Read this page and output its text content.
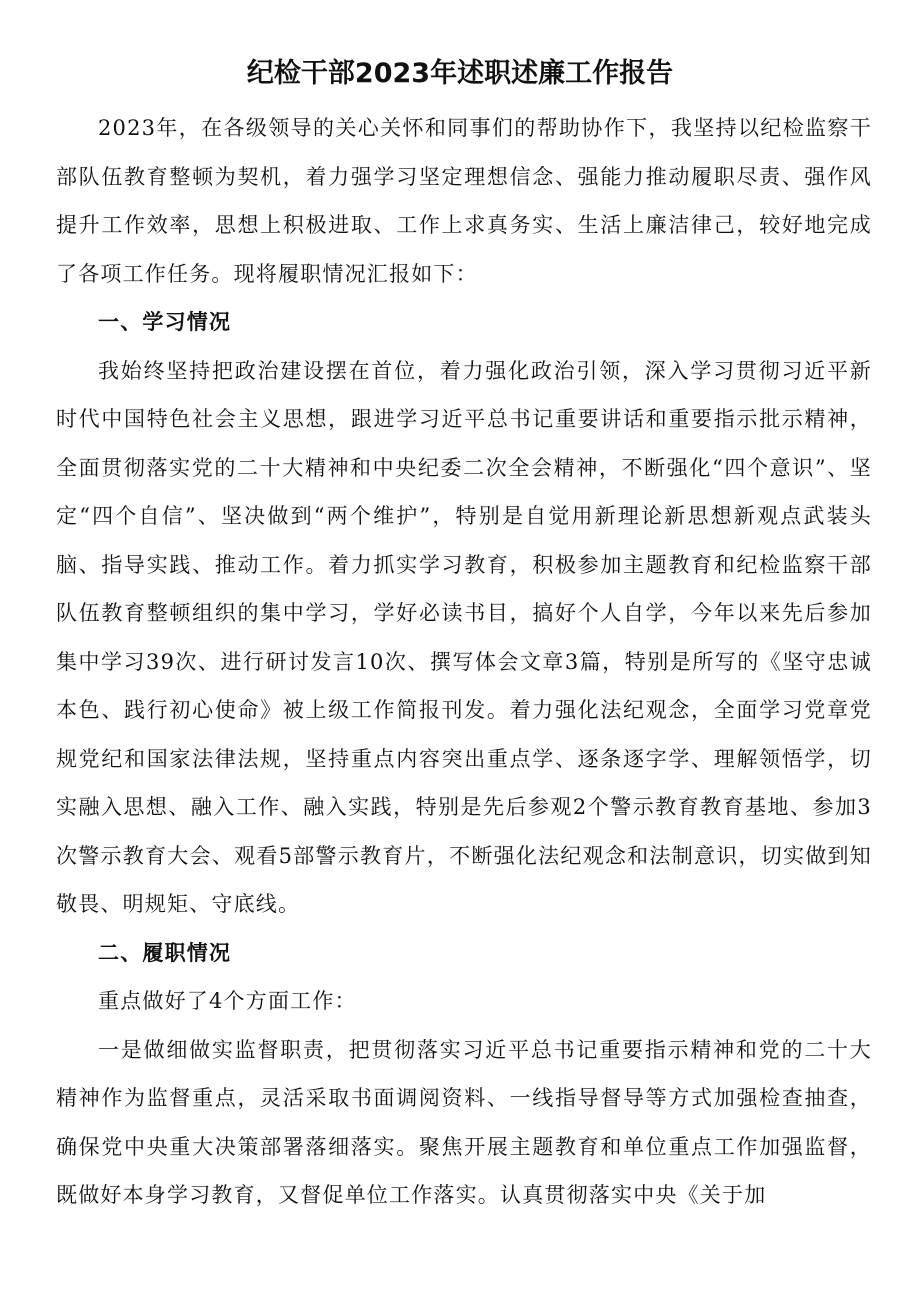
纪检干部2023年述职述廉工作报告

2023年，在各级领导的关心关怀和同事们的帮助协作下，我坚持以纪检监察干部队伍教育整顿为契机，着力强学习坚定理想信念、强能力推动履职尽责、强作风提升工作效率，思想上积极进取、工作上求真务实、生活上廉洁律己，较好地完成了各项工作任务。现将履职情况汇报如下：

一、学习情况

我始终坚持把政治建设摆在首位，着力强化政治引领，深入学习贯彻习近平新时代中国特色社会主义思想，跟进学习近平总书记重要讲话和重要指示批示精神，全面贯彻落实党的二十大精神和中央纪委二次全会精神，不断强化“四个意识”、坚定“四个自信”、坚决做到“两个维护”，特别是自觉用新理论新思想新观点武装头脑、指导实践、推动工作。着力抓实学习教育，积极参加主题教育和纪检监察干部队伍教育整顿组织的集中学习，学好必读书目，搞好个人自学，今年以来先后参加集中学习39次、进行研讨发言10次、撰写体会文章3篇，特别是所写的《坚守忠诚本色、践行初心使命》被上级工作简报刊发。着力强化法纪观念，全面学习党章党规党纪和国家法律法规，坚持重点内容突出重点学、逐条逐字学、理解领悟学，切实融入思想、融入工作、融入实践，特别是先后参观2个警示教育教育基地、参加3次警示教育大会、观看5部警示教育片，不断强化法纪观念和法制意识，切实做到知敬畏、明规矩、守底线。

二、履职情况

重点做好了4个方面工作：

一是做细做实监督职责，把贯彻落实习近平总书记重要指示精神和党的二十大精神作为监督重点，灵活采取书面调阅资料、一线指导督导等方式加强检查抽查，确保党中央重大决策部署落细落实。聚焦开展主题教育和单位重点工作加强监督，既做好本身学习教育，又督促单位工作落实。认真贯彻落实中央《关于加
